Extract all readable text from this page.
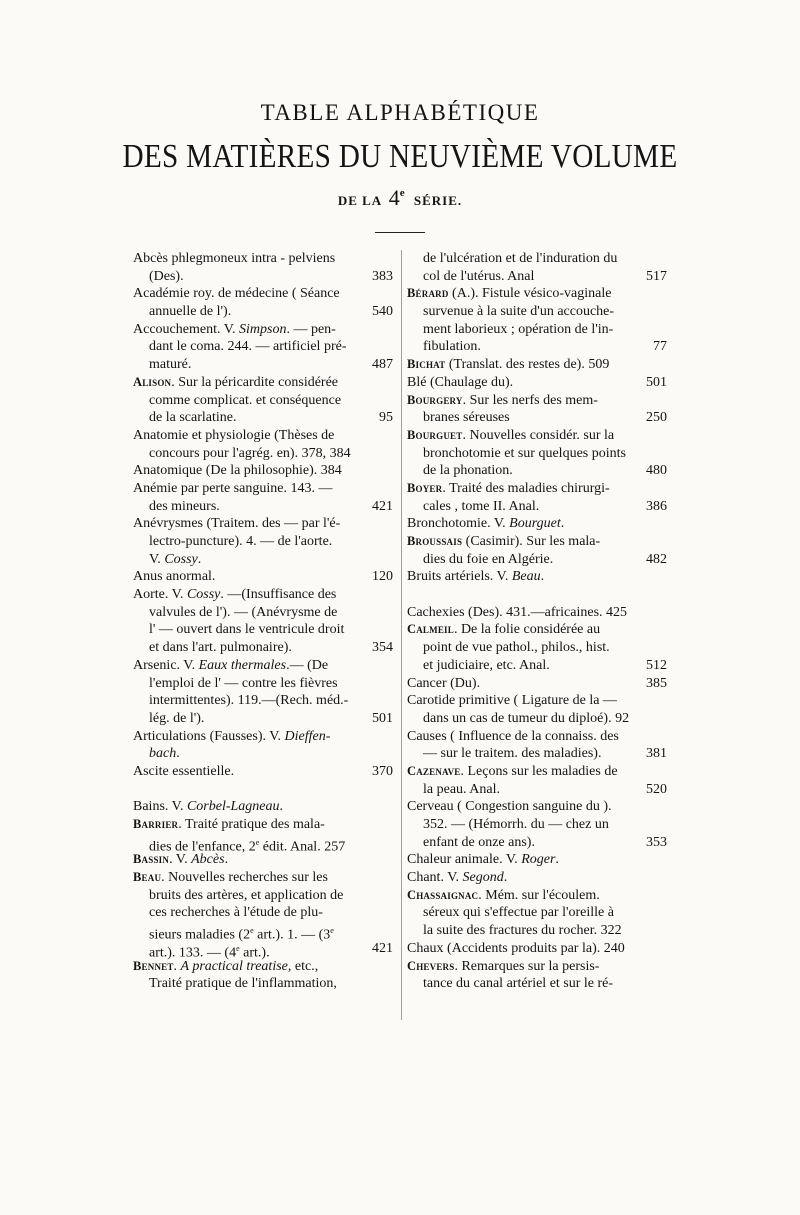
TABLE ALPHABÉTIQUE
DES MATIÈRES DU NEUVIÈME VOLUME
DE LA 4e SÉRIE.
Abcès phlegmoneux intra - pelviens
(Des).	383
Académie roy. de médecine ( Séance
annuelle de l').	540
Accouchement. V. Simpson. — pen-
dant le coma. 244. — artificiel pré-
maturé.	487
Alison. Sur la péricardite considérée
comme complicat. et conséquence
de la scarlatine.	95
Anatomie et physiologie (Thèses de
concours pour l'agrég. en). 378, 384
Anatomique (De la philosophie). 384
Anémie par perte sanguine. 143. —
des mineurs.	421
Anévrysmes (Traitem. des — par l'é-
lectro-puncture). 4. — de l'aorte.
V. Cossy.
Anus anormal.	120
Aorte. V. Cossy. —(Insuffisance des
valvules de l'). — (Anévrysme de
l' — ouvert dans le ventricule droit
et dans l'art. pulmonaire).	354
Arsenic. V. Eaux thermales.— (De
l'emploi de l' — contre les fièvres
intermittentes). 119.—(Rech. méd.-
lég. de l').	501
Articulations (Fausses). V. Dieffen-
bach.
Ascite essentielle.	370
Bains. V. Corbel-Lagneau.
Barrier. Traité pratique des mala-
dies de l'enfance, 2e édit. Anal. 257
Bassin. V. Abcès.
Beau. Nouvelles recherches sur les
bruits des artères, et application de
ces recherches à l'étude de plu-
sieurs maladies (2e art.). 1. — (3e
art.). 133. — (4e art.).	421
Bennet. A practical treatise, etc.,
Traité pratique de l'inflammation,
de l'ulcération et de l'induration du
col de l'utérus. Anal	517
Bérard (A.). Fistule vésico-vaginale
survenue à la suite d'un accouche-
ment laborieux ; opération de l'in-
fibulation.	77
Bichat (Translat. des restes de). 509
Blé (Chaulage du).	501
Bourgery. Sur les nerfs des mem-
branes séreuses	250
Bourguet. Nouvelles considér. sur la
bronchotomie et sur quelques points
de la phonation.	480
Boyer. Traité des maladies chirurgi-
cales , tome II. Anal.	386
Bronchotomie. V. Bourguet.
Broussais (Casimir). Sur les mala-
dies du foie en Algérie.	482
Bruits artériels. V. Beau.
Cachexies (Des). 431.—africaines. 425
Calmeil. De la folie considérée au
point de vue pathol., philos., hist.
et judiciaire, etc. Anal.	512
Cancer (Du).	385
Carotide primitive ( Ligature de la —
dans un cas de tumeur du diploé). 92
Causes ( Influence de la connaiss. des
— sur le traitem. des maladies).	381
Cazenave. Leçons sur les maladies de
la peau. Anal.	520
Cerveau ( Congestion sanguine du ).
352. — (Hémorrh. du — chez un
enfant de onze ans).	353
Chaleur animale. V. Roger.
Chant. V. Segond.
Chassaignac. Mém. sur l'écoulem.
séreux qui s'effectue par l'oreille à
la suite des fractures du rocher. 322
Chaux (Accidents produits par la). 240
Chevers. Remarques sur la persis-
tance du canal artériel et sur le ré-
